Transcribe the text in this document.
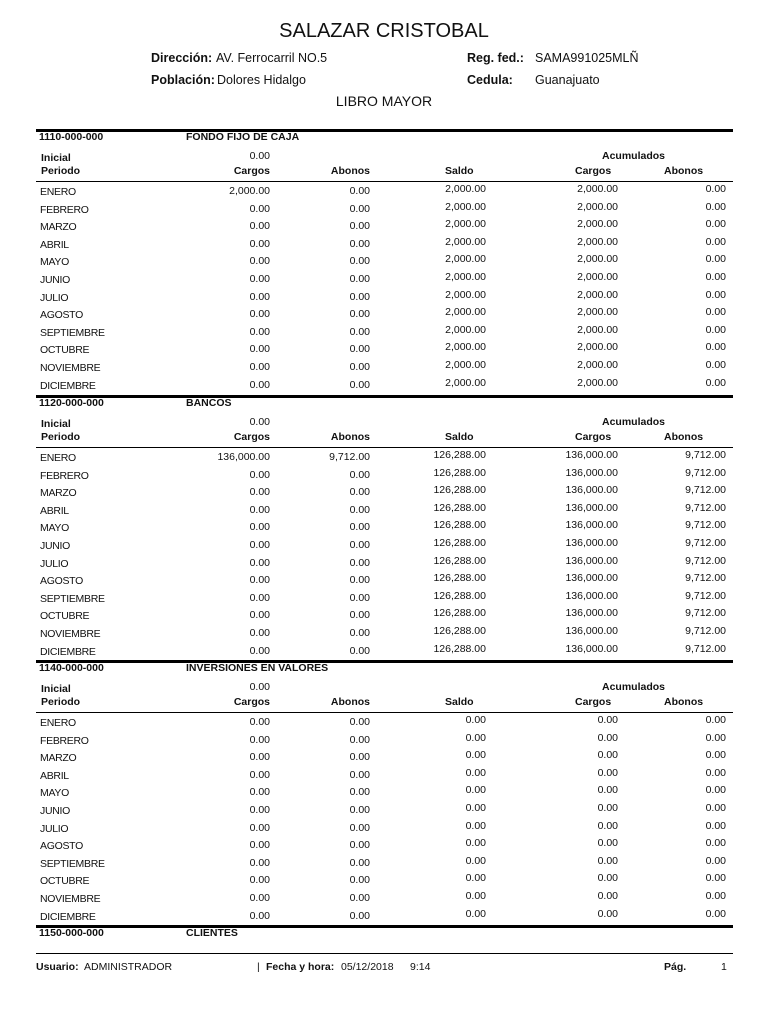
SALAZAR CRISTOBAL
Dirección: AV. Ferrocarril NO.5
Población: Dolores Hidalgo
Reg. fed.: SAMA991025MLÑ
Cedula: Guanajuato
LIBRO MAYOR
1110-000-000	FONDO FIJO DE CAJA
Inicial	0.00	Acumulados
Periodo	Cargos	Abonos	Saldo	Cargos	Abonos
ENERO	2,000.00	0.00	2,000.00	2,000.00	0.00
FEBRERO	0.00	0.00	2,000.00	2,000.00	0.00
MARZO	0.00	0.00	2,000.00	2,000.00	0.00
ABRIL	0.00	0.00	2,000.00	2,000.00	0.00
MAYO	0.00	0.00	2,000.00	2,000.00	0.00
JUNIO	0.00	0.00	2,000.00	2,000.00	0.00
JULIO	0.00	0.00	2,000.00	2,000.00	0.00
AGOSTO	0.00	0.00	2,000.00	2,000.00	0.00
SEPTIEMBRE	0.00	0.00	2,000.00	2,000.00	0.00
OCTUBRE	0.00	0.00	2,000.00	2,000.00	0.00
NOVIEMBRE	0.00	0.00	2,000.00	2,000.00	0.00
DICIEMBRE	0.00	0.00	2,000.00	2,000.00	0.00
1120-000-000	BANCOS
Inicial	0.00	Acumulados
Periodo	Cargos	Abonos	Saldo	Cargos	Abonos
ENERO	136,000.00	9,712.00	126,288.00	136,000.00	9,712.00
FEBRERO	0.00	0.00	126,288.00	136,000.00	9,712.00
MARZO	0.00	0.00	126,288.00	136,000.00	9,712.00
ABRIL	0.00	0.00	126,288.00	136,000.00	9,712.00
MAYO	0.00	0.00	126,288.00	136,000.00	9,712.00
JUNIO	0.00	0.00	126,288.00	136,000.00	9,712.00
JULIO	0.00	0.00	126,288.00	136,000.00	9,712.00
AGOSTO	0.00	0.00	126,288.00	136,000.00	9,712.00
SEPTIEMBRE	0.00	0.00	126,288.00	136,000.00	9,712.00
OCTUBRE	0.00	0.00	126,288.00	136,000.00	9,712.00
NOVIEMBRE	0.00	0.00	126,288.00	136,000.00	9,712.00
DICIEMBRE	0.00	0.00	126,288.00	136,000.00	9,712.00
1140-000-000	INVERSIONES EN VALORES
Inicial	0.00	Acumulados
Periodo	Cargos	Abonos	Saldo	Cargos	Abonos
ENERO	0.00	0.00	0.00	0.00	0.00
FEBRERO	0.00	0.00	0.00	0.00	0.00
MARZO	0.00	0.00	0.00	0.00	0.00
ABRIL	0.00	0.00	0.00	0.00	0.00
MAYO	0.00	0.00	0.00	0.00	0.00
JUNIO	0.00	0.00	0.00	0.00	0.00
JULIO	0.00	0.00	0.00	0.00	0.00
AGOSTO	0.00	0.00	0.00	0.00	0.00
SEPTIEMBRE	0.00	0.00	0.00	0.00	0.00
OCTUBRE	0.00	0.00	0.00	0.00	0.00
NOVIEMBRE	0.00	0.00	0.00	0.00	0.00
DICIEMBRE	0.00	0.00	0.00	0.00	0.00
1150-000-000	CLIENTES
Usuario: ADMINISTRADOR	| Fecha y hora: 05/12/2018 9:14	Pág.	1
